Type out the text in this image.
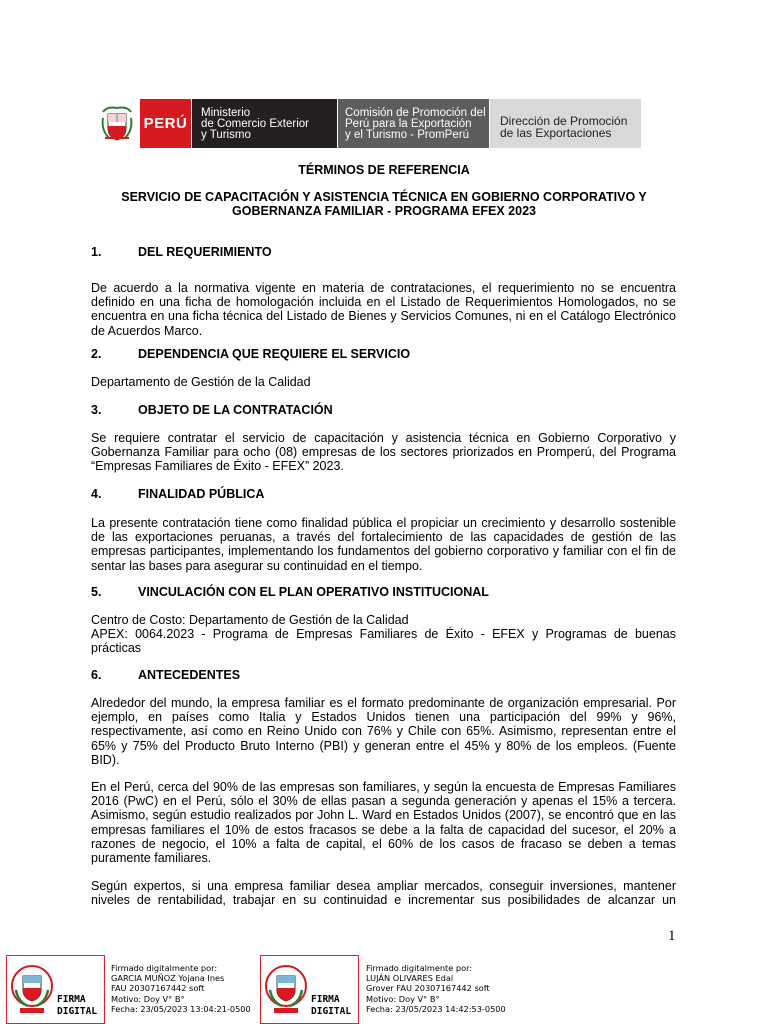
PERÚ
Ministerio
de Comercio Exterior
y Turismo
Comisión de Promoción del
Perú para la Exportación
y el Turismo - PromPerú
Dirección de Promoción
de las Exportaciones
TÉRMINOS DE REFERENCIA
SERVICIO DE CAPACITACIÓN Y ASISTENCIA TÉCNICA EN GOBIERNO CORPORATIVO Y
GOBERNANZA FAMILIAR - PROGRAMA EFEX 2023
1.	DEL REQUERIMIENTO
De acuerdo a la normativa vigente en materia de contrataciones, el requerimiento no se encuentra definido en una ficha de homologación incluida en el Listado de Requerimientos Homologados, no se encuentra en una ficha técnica del Listado de Bienes y Servicios Comunes, ni en el Catálogo Electrónico de Acuerdos Marco.
2.	DEPENDENCIA QUE REQUIERE EL SERVICIO
Departamento de Gestión de la Calidad
3.	OBJETO DE LA CONTRATACIÓN
Se requiere contratar el servicio de capacitación y asistencia técnica en Gobierno Corporativo y Gobernanza Familiar para ocho (08) empresas de los sectores priorizados en Promperú, del Programa “Empresas Familiares de Éxito - EFEX” 2023.
4.	FINALIDAD PÚBLICA
La presente contratación tiene como finalidad pública el propiciar un crecimiento y desarrollo sostenible de las exportaciones peruanas, a través del fortalecimiento de las capacidades de gestión de las empresas participantes, implementando los fundamentos del gobierno corporativo y familiar con el fin de sentar las bases para asegurar su continuidad en el tiempo.
5.	VINCULACIÓN CON EL PLAN OPERATIVO INSTITUCIONAL
Centro de Costo: Departamento de Gestión de la Calidad
APEX: 0064.2023 - Programa de Empresas Familiares de Éxito - EFEX y Programas de buenas prácticas
6.	ANTECEDENTES
Alrededor del mundo, la empresa familiar es el formato predominante de organización empresarial. Por ejemplo, en países como Italia y Estados Unidos tienen una participación del 99% y 96%, respectivamente, así como en Reino Unido con 76% y Chile con 65%. Asimismo, representan entre el 65% y 75% del Producto Bruto Interno (PBI) y generan entre el 45% y 80% de los empleos. (Fuente BID).
En el Perú, cerca del 90% de las empresas son familiares, y según la encuesta de Empresas Familiares 2016 (PwC) en el Perú, sólo el 30% de ellas pasan a segunda generación y apenas el 15% a tercera. Asimismo, según estudio realizados por John L. Ward en Estados Unidos (2007), se encontró que en las empresas familiares el 10% de estos fracasos se debe a la falta de capacidad del sucesor, el 20% a razones de negocio, el 10% a falta de capital, el 60% de los casos de fracaso se deben a temas puramente familiares.
Según expertos, si una empresa familiar desea ampliar mercados, conseguir inversiones, mantener niveles de rentabilidad, trabajar en su continuidad e incrementar sus posibilidades de alcanzar un
1
FIRMA
DIGITAL
Firmado digitalmente por:
GARCIA MUÑOZ Yojana Ines
FAU 20307167442 soft
Motivo: Doy V° B°
Fecha: 23/05/2023 13:04:21-0500
FIRMA
DIGITAL
Firmado digitalmente por:
LUJÁN OLIVARES Edal
Grover FAU 20307167442 soft
Motivo: Doy V° B°
Fecha: 23/05/2023 14:42:53-0500
